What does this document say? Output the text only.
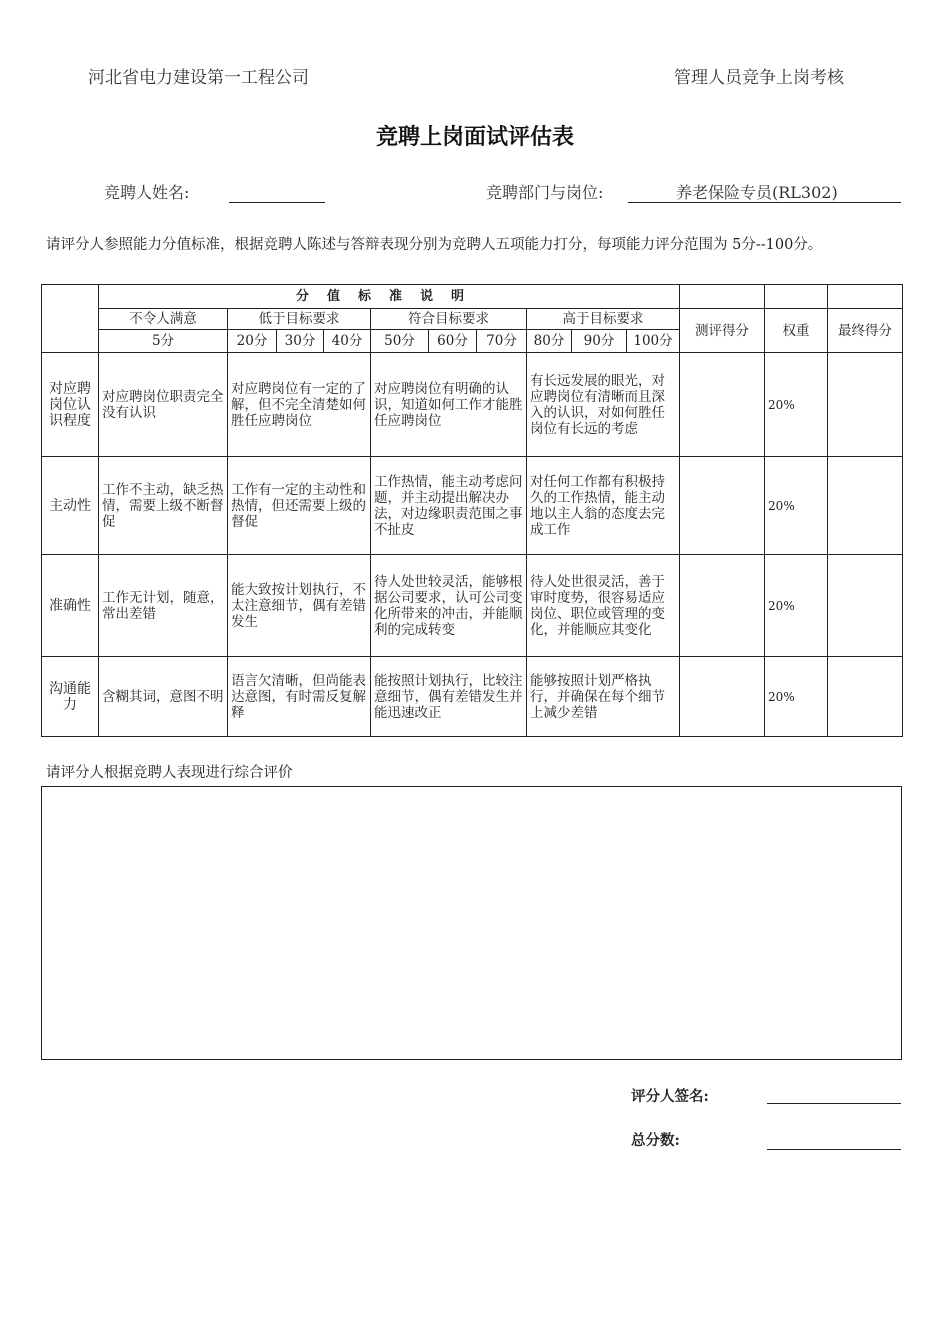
河北省电力建设第一工程公司	管理人员竞争上岗考核
竞聘上岗面试评估表
竞聘人姓名:	竞聘部门与岗位:	养老保险专员(RL302)
请评分人参照能力分值标准，根据竞聘人陈述与答辩表现分别为竞聘人五项能力打分，每项能力评分范围为 5分--100分。
	分值标准说明												
	不令人满意	低于目标要求			符合目标要求			高于目标要求			测评得分	权重	最终得分
	5分	20分	30分	40分	50分	60分	70分	80分	90分	100分			
对应聘岗位认识程度	对应聘岗位职责完全没有认识	对应聘岗位有一定的了解，但不完全清楚如何胜任应聘岗位			对应聘岗位有明确的认识，知道如何工作才能胜任应聘岗位			有长远发展的眼光，对应聘岗位有清晰而且深入的认识，对如何胜任岗位有长远的考虑				20%	
主动性	工作不主动，缺乏热情，需要上级不断督促	工作有一定的主动性和热情，但还需要上级的督促			工作热情，能主动考虑问题，并主动提出解决办法，对边缘职责范围之事不扯皮			对任何工作都有积极持久的工作热情，能主动地以主人翁的态度去完成工作				20%	
准确性	工作无计划，随意，常出差错	能大致按计划执行，不太注意细节，偶有差错发生			待人处世较灵活，能够根据公司要求，认可公司变化所带来的冲击，并能顺利的完成转变			待人处世很灵活，善于审时度势，很容易适应岗位、职位或管理的变化，并能顺应其变化				20%	
沟通能力	含糊其词，意图不明	语言欠清晰，但尚能表达意图，有时需反复解释			能按照计划执行，比较注意细节，偶有差错发生并能迅速改正			能够按照计划严格执行，并确保在每个细节上减少差错				20%	
请评分人根据竞聘人表现进行综合评价
评分人签名:
总分数:
